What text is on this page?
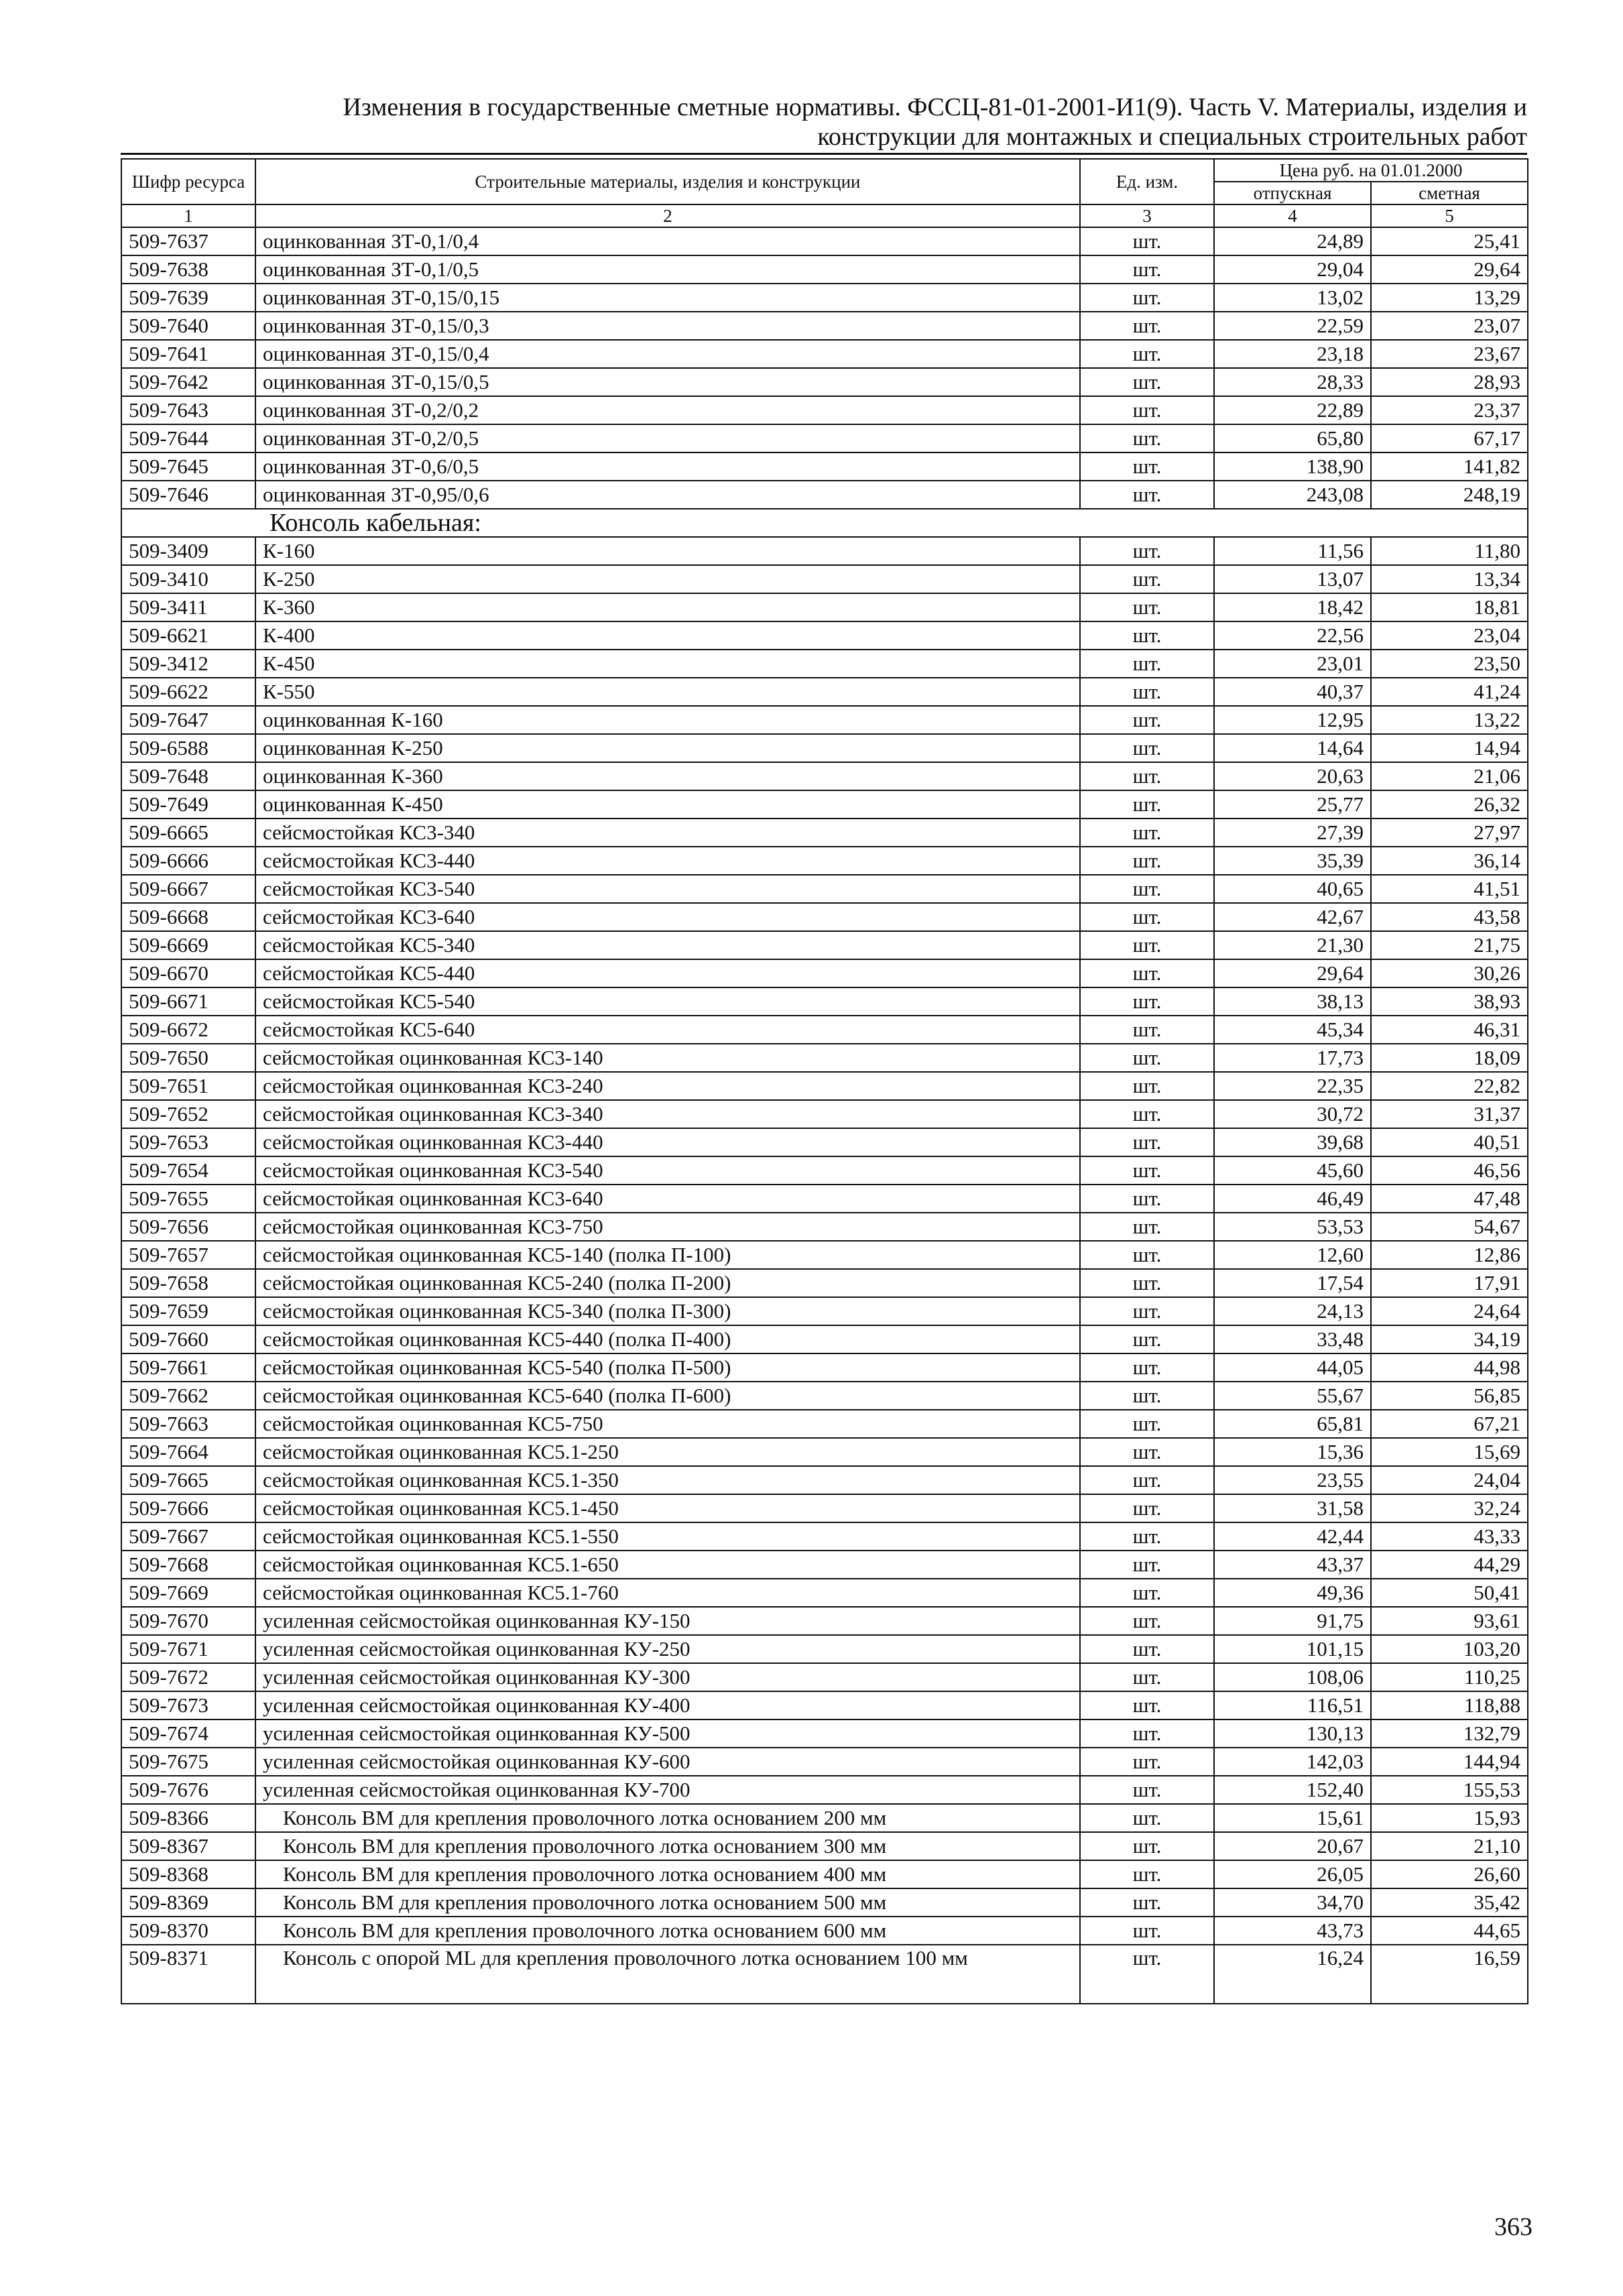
Изменения в государственные сметные нормативы. ФССЦ-81-01-2001-И1(9). Часть V. Материалы, изделия и
конструкции для монтажных и специальных строительных работ
Шифр ресурса	Строительные материалы, изделия и конструкции	Ед. изм.	Цена руб. на 01.01.2000	
			отпускная	сметная
1	2	3	4	5
509-7637	оцинкованная ЗТ-0,1/0,4	шт.	24,89	25,41
509-7638	оцинкованная ЗТ-0,1/0,5	шт.	29,04	29,64
509-7639	оцинкованная ЗТ-0,15/0,15	шт.	13,02	13,29
509-7640	оцинкованная ЗТ-0,15/0,3	шт.	22,59	23,07
509-7641	оцинкованная ЗТ-0,15/0,4	шт.	23,18	23,67
509-7642	оцинкованная ЗТ-0,15/0,5	шт.	28,33	28,93
509-7643	оцинкованная ЗТ-0,2/0,2	шт.	22,89	23,37
509-7644	оцинкованная ЗТ-0,2/0,5	шт.	65,80	67,17
509-7645	оцинкованная ЗТ-0,6/0,5	шт.	138,90	141,82
509-7646	оцинкованная ЗТ-0,95/0,6	шт.	243,08	248,19
Консоль кабельная:				
509-3409	К-160	шт.	11,56	11,80
509-3410	К-250	шт.	13,07	13,34
509-3411	К-360	шт.	18,42	18,81
509-6621	К-400	шт.	22,56	23,04
509-3412	К-450	шт.	23,01	23,50
509-6622	К-550	шт.	40,37	41,24
509-7647	оцинкованная К-160	шт.	12,95	13,22
509-6588	оцинкованная К-250	шт.	14,64	14,94
509-7648	оцинкованная К-360	шт.	20,63	21,06
509-7649	оцинкованная К-450	шт.	25,77	26,32
509-6665	сейсмостойкая КС3-340	шт.	27,39	27,97
509-6666	сейсмостойкая КС3-440	шт.	35,39	36,14
509-6667	сейсмостойкая КС3-540	шт.	40,65	41,51
509-6668	сейсмостойкая КС3-640	шт.	42,67	43,58
509-6669	сейсмостойкая КС5-340	шт.	21,30	21,75
509-6670	сейсмостойкая КС5-440	шт.	29,64	30,26
509-6671	сейсмостойкая КС5-540	шт.	38,13	38,93
509-6672	сейсмостойкая КС5-640	шт.	45,34	46,31
509-7650	сейсмостойкая оцинкованная КС3-140	шт.	17,73	18,09
509-7651	сейсмостойкая оцинкованная КС3-240	шт.	22,35	22,82
509-7652	сейсмостойкая оцинкованная КС3-340	шт.	30,72	31,37
509-7653	сейсмостойкая оцинкованная КС3-440	шт.	39,68	40,51
509-7654	сейсмостойкая оцинкованная КС3-540	шт.	45,60	46,56
509-7655	сейсмостойкая оцинкованная КС3-640	шт.	46,49	47,48
509-7656	сейсмостойкая оцинкованная КС3-750	шт.	53,53	54,67
509-7657	сейсмостойкая оцинкованная КС5-140 (полка П-100)	шт.	12,60	12,86
509-7658	сейсмостойкая оцинкованная КС5-240 (полка П-200)	шт.	17,54	17,91
509-7659	сейсмостойкая оцинкованная КС5-340 (полка П-300)	шт.	24,13	24,64
509-7660	сейсмостойкая оцинкованная КС5-440 (полка П-400)	шт.	33,48	34,19
509-7661	сейсмостойкая оцинкованная КС5-540 (полка П-500)	шт.	44,05	44,98
509-7662	сейсмостойкая оцинкованная КС5-640 (полка П-600)	шт.	55,67	56,85
509-7663	сейсмостойкая оцинкованная КС5-750	шт.	65,81	67,21
509-7664	сейсмостойкая оцинкованная КС5.1-250	шт.	15,36	15,69
509-7665	сейсмостойкая оцинкованная КС5.1-350	шт.	23,55	24,04
509-7666	сейсмостойкая оцинкованная КС5.1-450	шт.	31,58	32,24
509-7667	сейсмостойкая оцинкованная КС5.1-550	шт.	42,44	43,33
509-7668	сейсмостойкая оцинкованная КС5.1-650	шт.	43,37	44,29
509-7669	сейсмостойкая оцинкованная КС5.1-760	шт.	49,36	50,41
509-7670	усиленная сейсмостойкая оцинкованная КУ-150	шт.	91,75	93,61
509-7671	усиленная сейсмостойкая оцинкованная КУ-250	шт.	101,15	103,20
509-7672	усиленная сейсмостойкая оцинкованная КУ-300	шт.	108,06	110,25
509-7673	усиленная сейсмостойкая оцинкованная КУ-400	шт.	116,51	118,88
509-7674	усиленная сейсмостойкая оцинкованная КУ-500	шт.	130,13	132,79
509-7675	усиленная сейсмостойкая оцинкованная КУ-600	шт.	142,03	144,94
509-7676	усиленная сейсмостойкая оцинкованная КУ-700	шт.	152,40	155,53
509-8366	Консоль ВМ для крепления проволочного лотка основанием 200 мм	шт.	15,61	15,93
509-8367	Консоль ВМ для крепления проволочного лотка основанием 300 мм	шт.	20,67	21,10
509-8368	Консоль ВМ для крепления проволочного лотка основанием 400 мм	шт.	26,05	26,60
509-8369	Консоль ВМ для крепления проволочного лотка основанием 500 мм	шт.	34,70	35,42
509-8370	Консоль ВМ для крепления проволочного лотка основанием 600 мм	шт.	43,73	44,65
509-8371	Консоль с опорой ML для крепления проволочного лотка основанием 100 мм	шт.	16,24	16,59
363
